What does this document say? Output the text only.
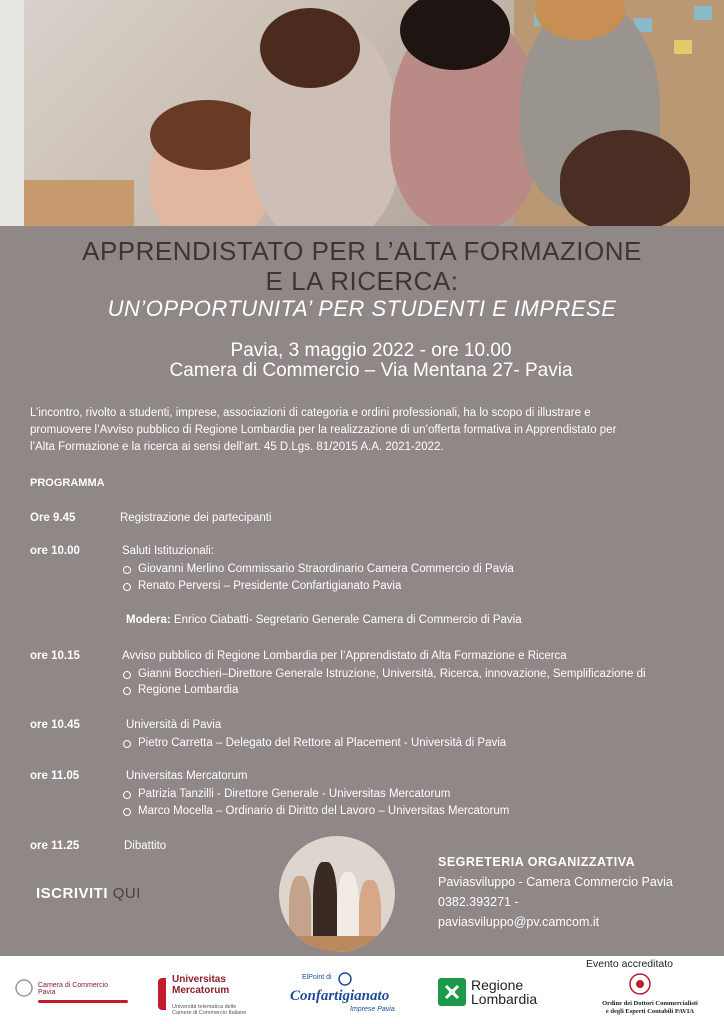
APPRENDISTATO PER L’ALTA FORMAZIONE
E LA RICERCA:
UN’OPPORTUNITA’ PER STUDENTI E IMPRESE
Pavia, 3 maggio 2022 - ore 10.00
Camera di Commercio – Via Mentana 27- Pavia
L’incontro, rivolto a studenti, imprese, associazioni di categoria e ordini professionali, ha lo scopo di illustrare e
promuovere l’Avviso pubblico di Regione Lombardia per la realizzazione di un’offerta formativa in Apprendistato per
l’Alta Formazione e la ricerca ai sensi dell’art. 45 D.Lgs. 81/2015 A.A. 2021-2022.
PROGRAMMA
Ore 9.45	Registrazione dei partecipanti
ore 10.00	Saluti Istituzionali:
Giovanni Merlino Commissario Straordinario Camera Commercio di Pavia
Renato Perversi – Presidente Confartigianato Pavia
Modera: Enrico Ciabatti- Segretario Generale Camera di Commercio di Pavia
ore 10.15	Avviso pubblico di Regione Lombardia per l’Apprendistato di Alta Formazione e Ricerca
Gianni Bocchieri–Direttore Generale Istruzione, Università, Ricerca, innovazione, Semplificazione di
Regione Lombardia
ore 10.45	Università di Pavia
Pietro Carretta – Delegato del Rettore al Placement - Università di Pavia
ore 11.05	Universitas Mercatorum
Patrizia Tanzilli - Direttore Generale - Universitas Mercatorum
Marco Mocella – Ordinario di Diritto del Lavoro – Universitas Mercatorum
ore 11.25	Dibattito
ISCRIVITI QUI
SEGRETERIA ORGANIZZATIVA
Paviasviluppo - Camera Commercio Pavia
0382.393271 -
paviasviluppo@pv.camcom.it
Camera di Commercio
Pavia
Universitas
Mercatorum
Università telematica delle
Camere di Commercio Italiane
ElPoint di
Confartigianato
Imprese Pavia
Regione
Lombardia
Evento accreditato
Ordine dei Dottori Commercialisti
e degli Esperti Contabili PAVIA
